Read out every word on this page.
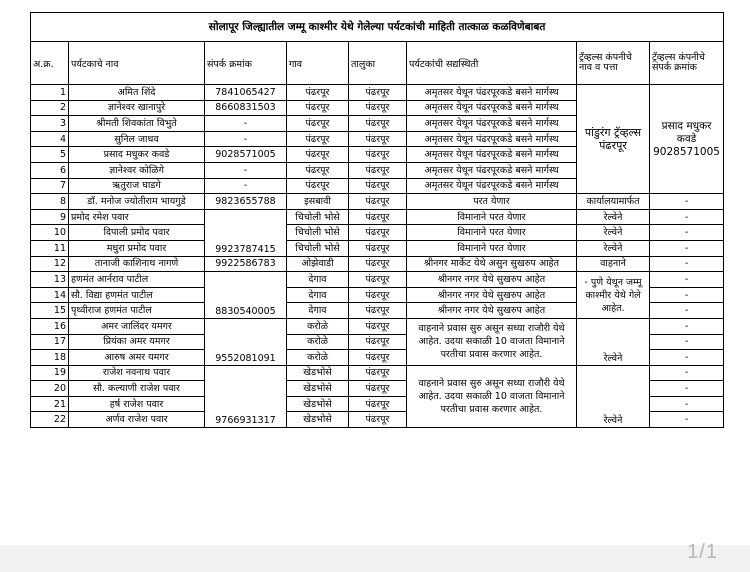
सोलापूर जिल्ह्यातील जम्मू काश्मीर येथे गेलेल्या पर्यटकांची माहिती तात्काळ कळविणेबाबत							
अ.क्र.	पर्यटकाचे नाव	संपर्क क्रमांक	गाव	तालुका	पर्यटकांची सद्यस्थिती	ट्रॅव्हल्स कंपनीचे नाव व पत्ता	ट्रॅव्हल्स कंपनीचे संपर्क क्रमांक
1	अमित शिंदे	7841065427	पंढरपूर	पंढरपूर	अमृतसर येथून पंढरपूरकडे बसने मार्गस्थ	पांडुरंग ट्रॅव्हल्स पंढरपूर	प्रसाद मधुकर कवडे 9028571005
2	ज्ञानेश्वर खानापुरे	8660831503	पंढरपूर	पंढरपूर	अमृतसर येथून पंढरपूरकडे बसने मार्गस्थ		
3	श्रीमती शिवकांता विभुते	-	पंढरपूर	पंढरपूर	अमृतसर येथून पंढरपूरकडे बसने मार्गस्थ		
4	सुनिल जाधव	-	पंढरपूर	पंढरपूर	अमृतसर येथून पंढरपूरकडे बसने मार्गस्थ		
5	प्रसाद मधुकर कवडे	9028571005	पंढरपूर	पंढरपूर	अमृतसर येथून पंढरपूरकडे बसने मार्गस्थ		
6	ज्ञानेश्वर कोळिगे	-	पंढरपूर	पंढरपूर	अमृतसर येथून पंढरपूरकडे बसने मार्गस्थ		
7	ऋतुराज घाडगे	-	पंढरपूर	पंढरपूर	अमृतसर येथून पंढरपूरकडे बसने मार्गस्थ		
8	डॉ. मनोज ज्योतीराम भायगुडे	9823655788	इसबावी	पंढरपूर	परत येणार	कार्यालयामार्फत	-
9	प्रमोद रमेश पवार	9923787415	चिचोली भोसे	पंढरपूर	विमानाने परत येणार	रेल्वेने	-
10	दिपाली प्रमोद पवार		चिचोली भोसे	पंढरपूर	विमानाने परत येणार	रेल्वेने	-
11	मधुरा प्रमोद पवार		चिचोली भोसे	पंढरपूर	विमानाने परत येणार	रेल्वेने	-
12	तानाजी काशिनाथ नागणे	9922586783	ओझेवाडी	पंढरपूर	श्रीनगर मार्केट येथे असुन सुखरुप आहेत	वाहनाने	-
13	हणमंत आर्नराव पाटील	8830540005	देगाव	पंढरपूर	श्रीनगर नगर येथे सुखरुप आहेत	- पुणे येथून जम्मू काश्मीर येथे गेले आहेत.	-
14	सौ. विद्या हणमंत पाटील		देगाव	पंढरपूर	श्रीनगर नगर येथे सुखरुप आहेत		-
15	पृथ्वीराज हणमंत पाटील		देगाव	पंढरपूर	श्रीनगर नगर येथे सुखरुप आहेत		-
16	अमर जालिंदर यमगर	9552081091	करोळे	पंढरपूर	वाहनाने प्रवास सुरु असून सध्या राजौरी येथे आहेत. उदया सकाळी 10 वाजता विमानाने परतीचा प्रवास करणार आहेत.	रेल्वेने	-
17	प्रियंका अमर यमगर		करोळे	पंढरपूर			-
18	आरुष अमर यमगर		करोळे	पंढरपूर			-
19	राजेश नवनाथ पवार	9766931317	खेडभोसे	पंढरपूर	वाहनाने प्रवास सुरु असून सध्या राजौरी येथे आहेत. उदया सकाळी 10 वाजता विमानाने परतीचा प्रवास करणार आहेत.	रेल्वेने	-
20	सौ. कल्याणी राजेश पवार		खेडभोसे	पंढरपूर			-
21	हर्ष राजेश पवार		खेडभोसे	पंढरपूर			-
22	अर्णव राजेश पवार		खेडभोसे	पंढरपूर			-
1/1
